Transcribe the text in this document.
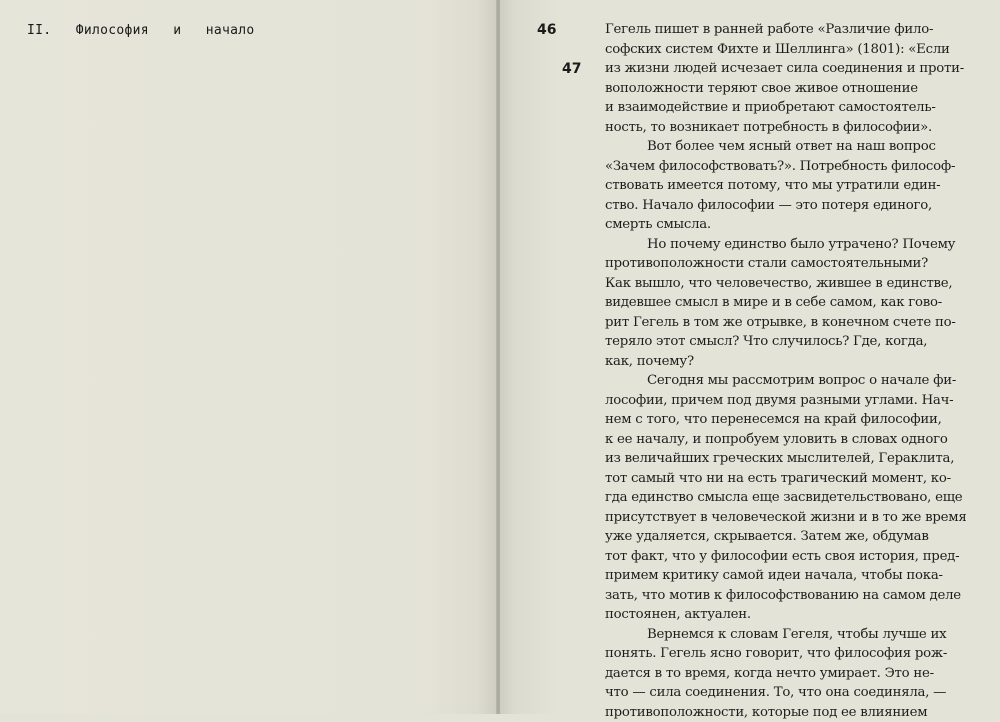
II.   Философия   и   начало	46
47
Гегель пишет в ранней работе «Различие фило-
софских систем Фихте и Шеллинга» (1801): «Если
из жизни людей исчезает сила соединения и проти-
воположности теряют свое живое отношение
и взаимодействие и приобретают самостоятель-
ность, то возникает потребность в философии».
Вот более чем ясный ответ на наш вопрос
«Зачем философствовать?». Потребность философ-
ствовать имеется потому, что мы утратили един-
ство. Начало философии — это потеря единого,
смерть смысла.
Но почему единство было утрачено? Почему
противоположности стали самостоятельными?
Как вышло, что человечество, жившее в единстве,
видевшее смысл в мире и в себе самом, как гово-
рит Гегель в том же отрывке, в конечном счете по-
теряло этот смысл? Что случилось? Где, когда,
как, почему?
Сегодня мы рассмотрим вопрос о начале фи-
лософии, причем под двумя разными углами. Нач-
нем с того, что перенесемся на край философии,
к ее началу, и попробуем уловить в словах одного
из величайших греческих мыслителей, Гераклита,
тот самый что ни на есть трагический момент, ко-
гда единство смысла еще засвидетельствовано, еще
присутствует в человеческой жизни и в то же время
уже удаляется, скрывается. Затем же, обдумав
тот факт, что у философии есть своя история, пред-
примем критику самой идеи начала, чтобы пока-
зать, что мотив к философствованию на самом деле
постоянен, актуален.
Вернемся к словам Гегеля, чтобы лучше их
понять. Гегель ясно говорит, что философия рож-
дается в то время, когда нечто умирает. Это не-
что — сила соединения. То, что она соединяла, —
противоположности, которые под ее влиянием
